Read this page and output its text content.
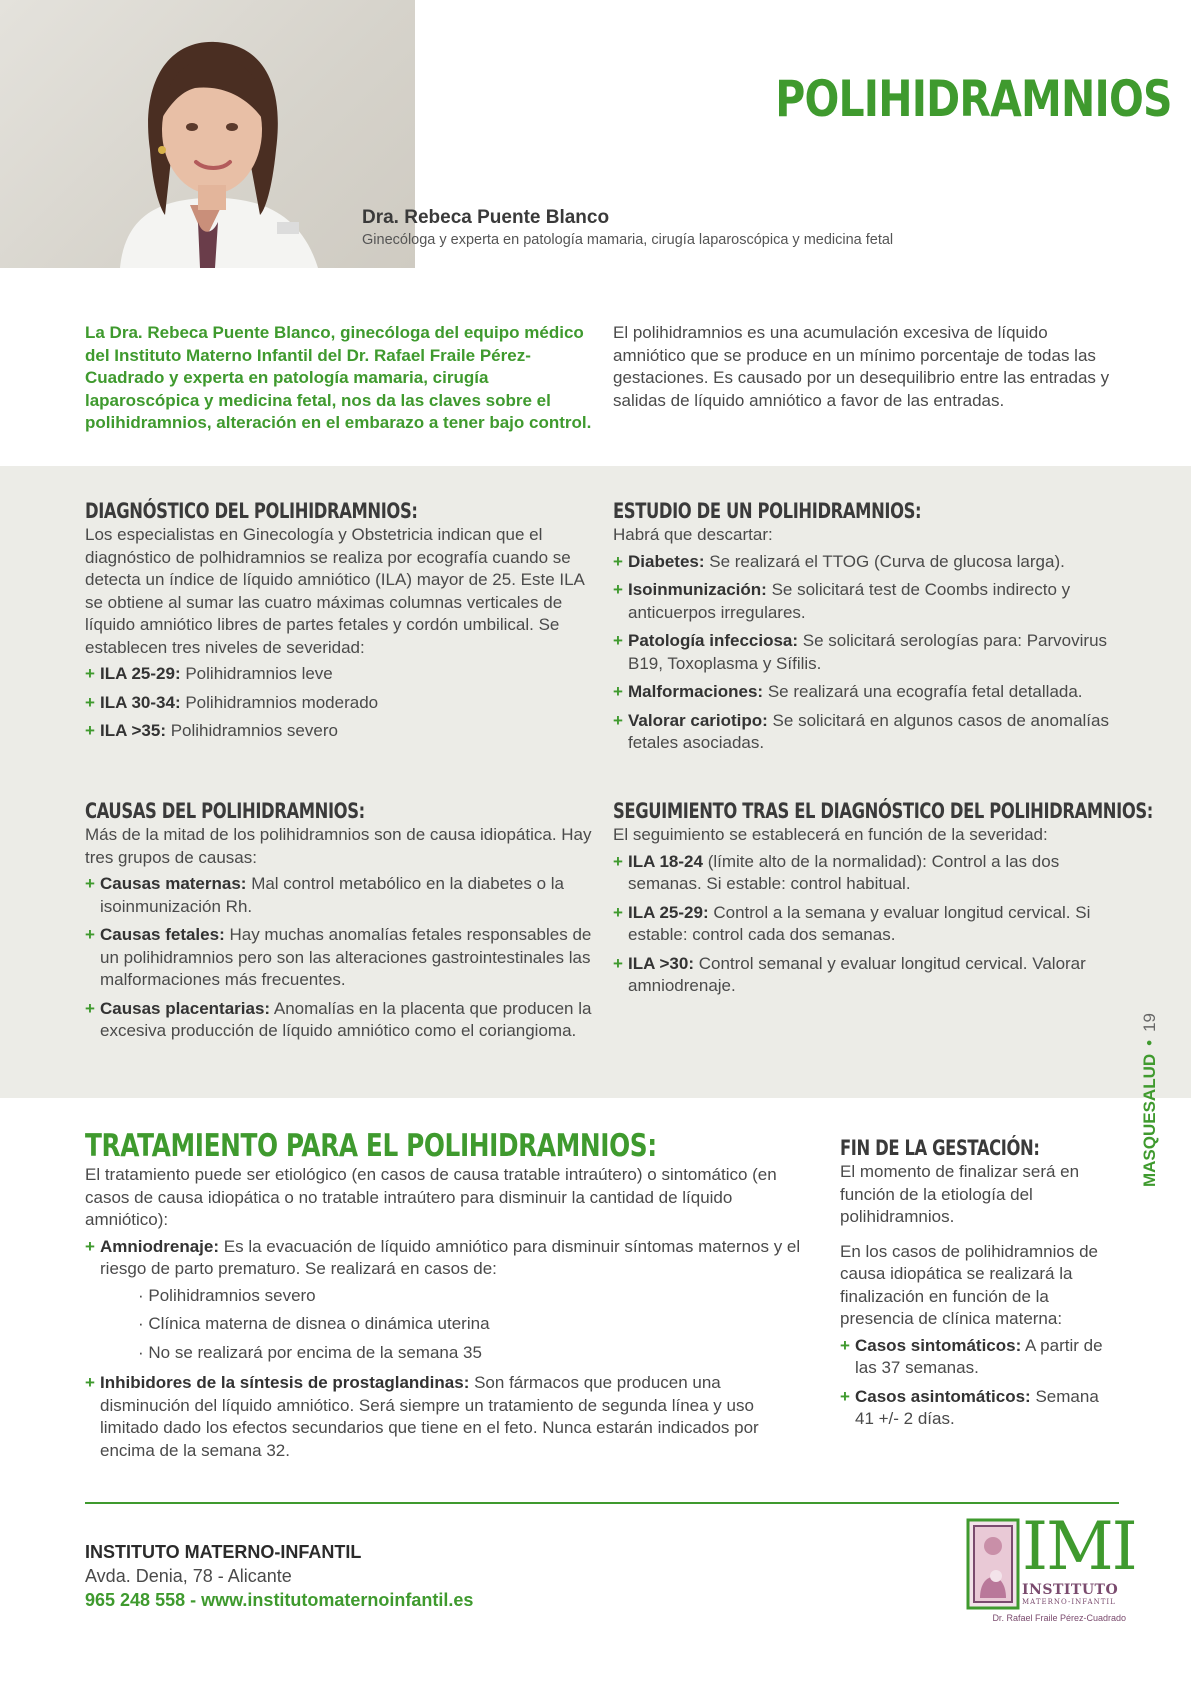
POLIHIDRAMNIOS
Dra. Rebeca Puente Blanco
Ginecóloga y experta en patología mamaria, cirugía laparoscópica y medicina fetal
La Dra. Rebeca Puente Blanco, ginecóloga del equipo médico del Instituto Materno Infantil del Dr. Rafael Fraile Pérez-Cuadrado y experta en patología mamaria, cirugía laparoscópica y medicina fetal, nos da las claves sobre el polihidramnios, alteración en el embarazo a tener bajo control.
El polihidramnios es una acumulación excesiva de líquido amniótico que se produce en un mínimo porcentaje de todas las gestaciones. Es causado por un desequilibrio entre las entradas y salidas de líquido amniótico a favor de las entradas.
DIAGNÓSTICO DEL POLIHIDRAMNIOS:

Los especialistas en Ginecología y Obstetricia indican que el diagnóstico de polhidramnios se realiza por ecografía cuando se detecta un índice de líquido amniótico (ILA) mayor de 25. Este ILA se obtiene al sumar las cuatro máximas columnas verticales de líquido amniótico libres de partes fetales y cordón umbilical. Se establecen tres niveles de severidad:

+ ILA 25-29: Polihidramnios leve
+ ILA 30-34: Polihidramnios moderado
+ ILA >35: Polihidramnios severo
CAUSAS DEL POLIHIDRAMNIOS:

Más de la mitad de los polihidramnios son de causa idiopática. Hay tres grupos de causas:

+ Causas maternas: Mal control metabólico en la diabetes o la isoinmunización Rh.
+ Causas fetales: Hay muchas anomalías fetales responsables de un polihidramnios pero son las alteraciones gastrointestinales las malformaciones más frecuentes.
+ Causas placentarias: Anomalías en la placenta que producen la excesiva producción de líquido amniótico como el coriangioma.
ESTUDIO DE UN POLIHIDRAMNIOS:

Habrá que descartar:

+ Diabetes: Se realizará el TTOG (Curva de glucosa larga).
+ Isoinmunización: Se solicitará test de Coombs indirecto y anticuerpos irregulares.
+ Patología infecciosa: Se solicitará serologías para: Parvovirus B19, Toxoplasma y Sífilis.
+ Malformaciones: Se realizará una ecografía fetal detallada.
+ Valorar cariotipo: Se solicitará en algunos casos de anomalías fetales asociadas.
SEGUIMIENTO TRAS EL DIAGNÓSTICO DEL POLIHIDRAMNIOS:

El seguimiento se establecerá en función de la severidad:

+ ILA 18-24 (límite alto de la normalidad): Control a las dos semanas. Si estable: control habitual.
+ ILA 25-29: Control a la semana y evaluar longitud cervical. Si estable: control cada dos semanas.
+ ILA >30: Control semanal y evaluar longitud cervical. Valorar amniodrenaje.
TRATAMIENTO PARA EL POLIHIDRAMNIOS:

El tratamiento puede ser etiológico (en casos de causa tratable intraútero) o sintomático (en casos de causa idiopática o no tratable intraútero para disminuir la cantidad de líquido amniótico):

+ Amniodrenaje: Es la evacuación de líquido amniótico para disminuir síntomas maternos y el riesgo de parto prematuro. Se realizará en casos de:
· Polihidramnios severo
· Clínica materna de disnea o dinámica uterina
· No se realizará por encima de la semana 35
+ Inhibidores de la síntesis de prostaglandinas: Son fármacos que producen una disminución del líquido amniótico. Será siempre un tratamiento de segunda línea y uso limitado dado los efectos secundarios que tiene en el feto. Nunca estarán indicados por encima de la semana 32.
FIN DE LA GESTACIÓN:

El momento de finalizar será en función de la etiología del polihidramnios.

En los casos de polihidramnios de causa idiopática se realizará la finalización en función de la presencia de clínica materna:

+ Casos sintomáticos: A partir de las 37 semanas.
+ Casos asintomáticos: Semana 41 +/- 2 días.
MASQUESALUD•19
INSTITUTO MATERNO-INFANTIL
Avda. Denia, 78 - Alicante
965 248 558 - www.institutomaternoinfantil.es
IMI
INSTITUTO
MATERNO-INFANTIL
Dr. Rafael Fraile Pérez-Cuadrado
